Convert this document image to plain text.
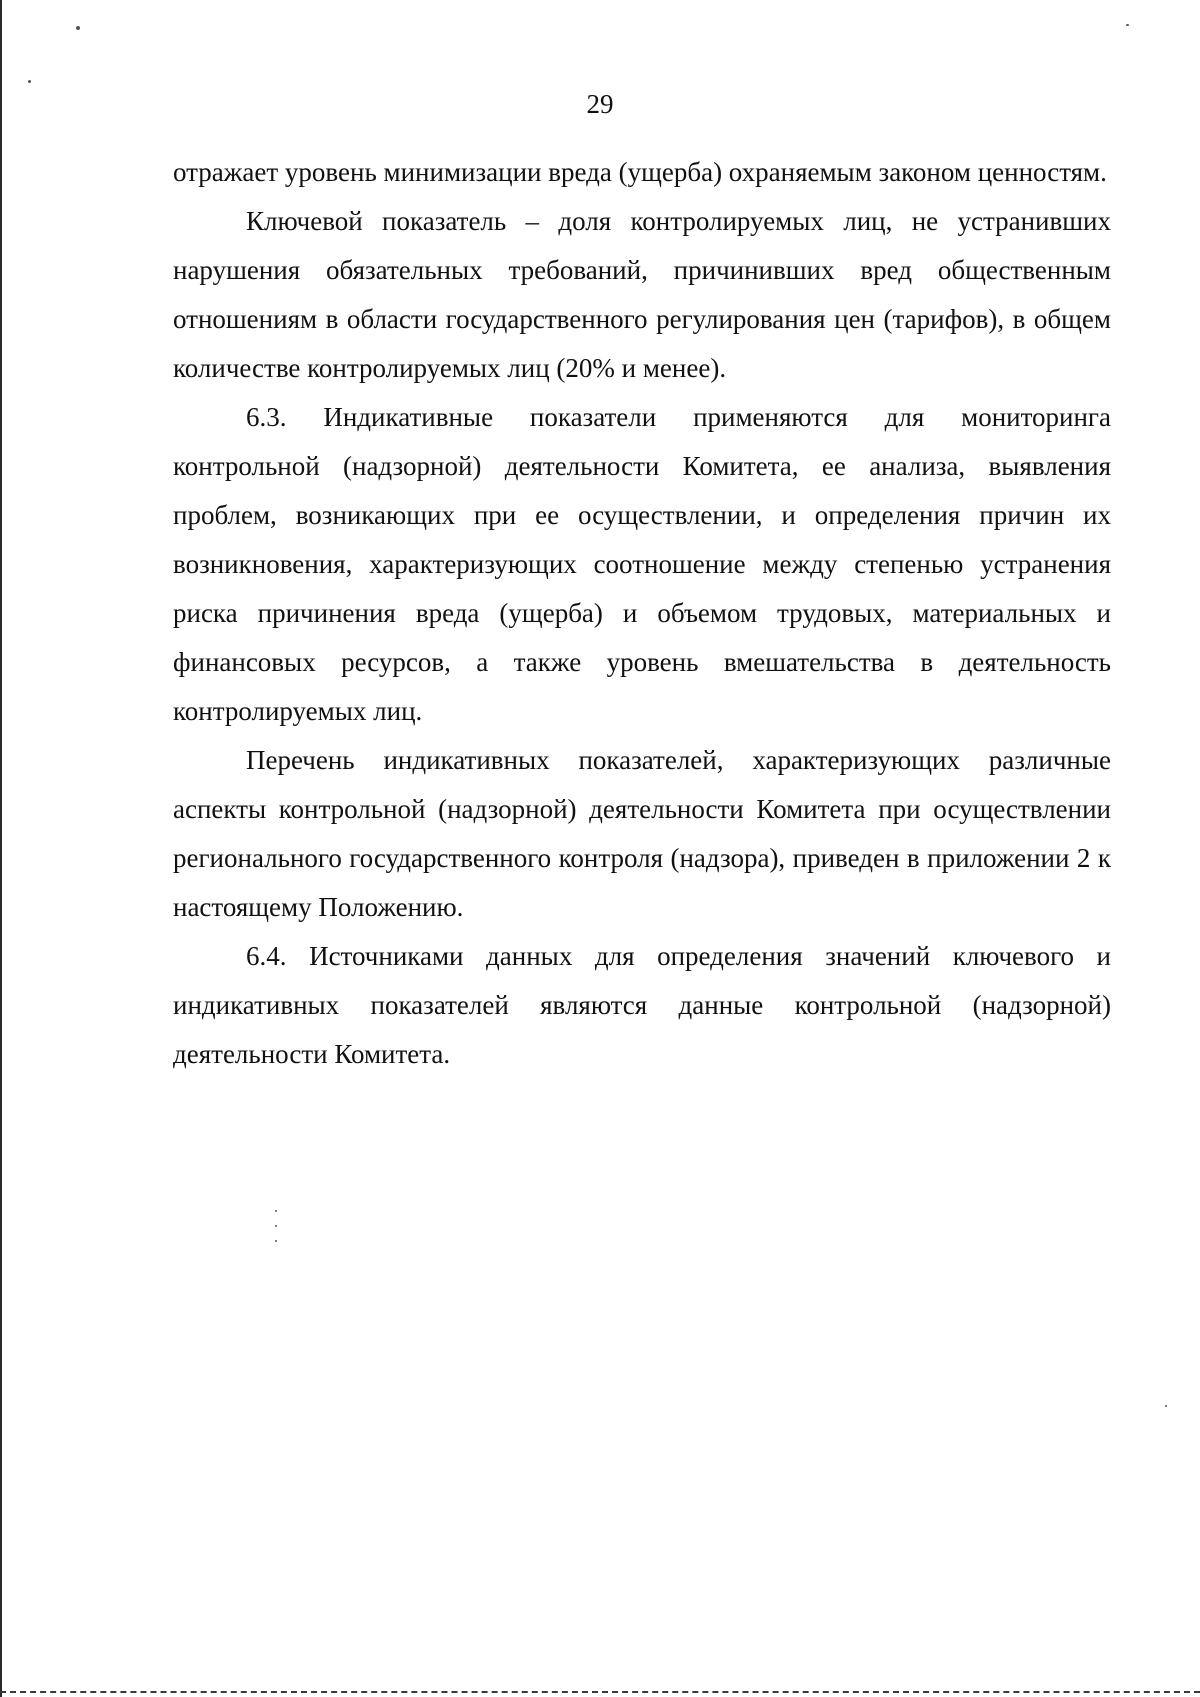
29

отражает уровень минимизации вреда (ущерба) охраняемым законом ценностям.

Ключевой показатель – доля контролируемых лиц, не устранивших нарушения обязательных требований, причинивших вред общественным отношениям в области государственного регулирования цен (тарифов), в общем количестве контролируемых лиц (20% и менее).

6.3. Индикативные показатели применяются для мониторинга контрольной (надзорной) деятельности Комитета, ее анализа, выявления проблем, возникающих при ее осуществлении, и определения причин их возникновения, характеризующих соотношение между степенью устранения риска причинения вреда (ущерба) и объемом трудовых, материальных и финансовых ресурсов, а также уровень вмешательства в деятельность контролируемых лиц.

Перечень индикативных показателей, характеризующих различные аспекты контрольной (надзорной) деятельности Комитета при осуществлении регионального государственного контроля (надзора), приведен в приложении 2 к настоящему Положению.

6.4. Источниками данных для определения значений ключевого и индикативных показателей являются данные контрольной (надзорной) деятельности Комитета.
